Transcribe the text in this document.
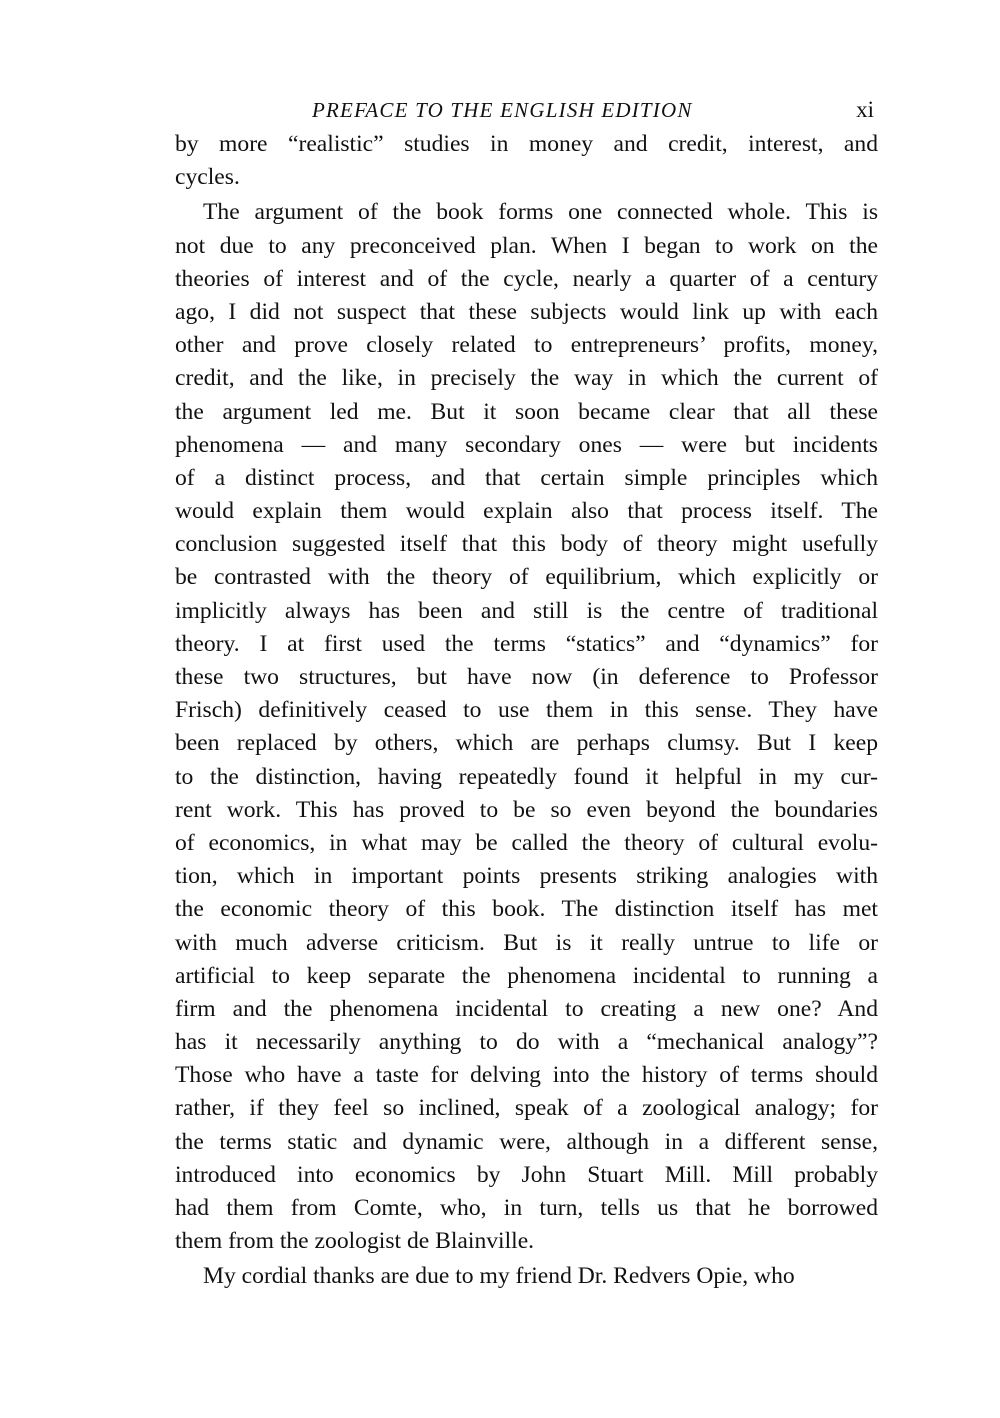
PREFACE TO THE ENGLISH EDITION	xi
by more “realistic” studies in money and credit, interest, and
cycles.
The argument of the book forms one connected whole. This is
not due to any preconceived plan. When I began to work on the
theories of interest and of the cycle, nearly a quarter of a century
ago, I did not suspect that these subjects would link up with each
other and prove closely related to entrepreneurs’ profits, money,
credit, and the like, in precisely the way in which the current of
the argument led me. But it soon became clear that all these
phenomena — and many secondary ones — were but incidents
of a distinct process, and that certain simple principles which
would explain them would explain also that process itself. The
conclusion suggested itself that this body of theory might usefully
be contrasted with the theory of equilibrium, which explicitly or
implicitly always has been and still is the centre of traditional
theory. I at first used the terms “statics” and “dynamics” for
these two structures, but have now (in deference to Professor
Frisch) definitively ceased to use them in this sense. They have
been replaced by others, which are perhaps clumsy. But I keep
to the distinction, having repeatedly found it helpful in my cur-
rent work. This has proved to be so even beyond the boundaries
of economics, in what may be called the theory of cultural evolu-
tion, which in important points presents striking analogies with
the economic theory of this book. The distinction itself has met
with much adverse criticism. But is it really untrue to life or
artificial to keep separate the phenomena incidental to running a
firm and the phenomena incidental to creating a new one? And
has it necessarily anything to do with a “mechanical analogy”?
Those who have a taste for delving into the history of terms should
rather, if they feel so inclined, speak of a zoological analogy; for
the terms static and dynamic were, although in a different sense,
introduced into economics by John Stuart Mill. Mill probably
had them from Comte, who, in turn, tells us that he borrowed
them from the zoologist de Blainville.
My cordial thanks are due to my friend Dr. Redvers Opie, who
